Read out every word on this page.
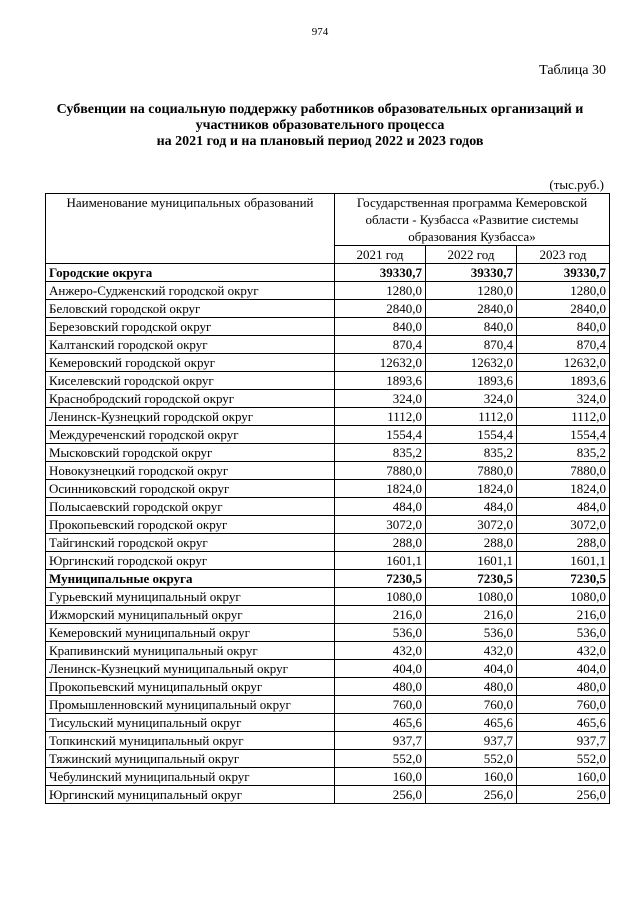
974
Таблица 30
Субвенции на социальную поддержку работников образовательных организаций и
участников образовательного процесса
на 2021 год и на плановый период 2022 и 2023 годов
(тыс.руб.)
Наименование муниципальных образований	Государственная программа Кемеровской области - Кузбасса «Развитие системы образования Кузбасса»		
	2021 год	2022 год	2023 год
Городские округа	39330,7	39330,7	39330,7
Анжеро-Судженский городской округ	1280,0	1280,0	1280,0
Беловский городской округ	2840,0	2840,0	2840,0
Березовский городской округ	840,0	840,0	840,0
Калтанский городской округ	870,4	870,4	870,4
Кемеровский городской округ	12632,0	12632,0	12632,0
Киселевский городской округ	1893,6	1893,6	1893,6
Краснобродский городской округ	324,0	324,0	324,0
Ленинск-Кузнецкий городской округ	1112,0	1112,0	1112,0
Междуреченский городской округ	1554,4	1554,4	1554,4
Мысковский городской округ	835,2	835,2	835,2
Новокузнецкий городской округ	7880,0	7880,0	7880,0
Осинниковский городской округ	1824,0	1824,0	1824,0
Полысаевский городской округ	484,0	484,0	484,0
Прокопьевский городской округ	3072,0	3072,0	3072,0
Тайгинский городской округ	288,0	288,0	288,0
Юргинский городской округ	1601,1	1601,1	1601,1
Муниципальные округа	7230,5	7230,5	7230,5
Гурьевский муниципальный округ	1080,0	1080,0	1080,0
Ижморский муниципальный округ	216,0	216,0	216,0
Кемеровский муниципальный округ	536,0	536,0	536,0
Крапивинский муниципальный округ	432,0	432,0	432,0
Ленинск-Кузнецкий муниципальный округ	404,0	404,0	404,0
Прокопьевский муниципальный округ	480,0	480,0	480,0
Промышленновский муниципальный округ	760,0	760,0	760,0
Тисульский муниципальный округ	465,6	465,6	465,6
Топкинский муниципальный округ	937,7	937,7	937,7
Тяжинский муниципальный округ	552,0	552,0	552,0
Чебулинский муниципальный округ	160,0	160,0	160,0
Юргинский муниципальный округ	256,0	256,0	256,0
